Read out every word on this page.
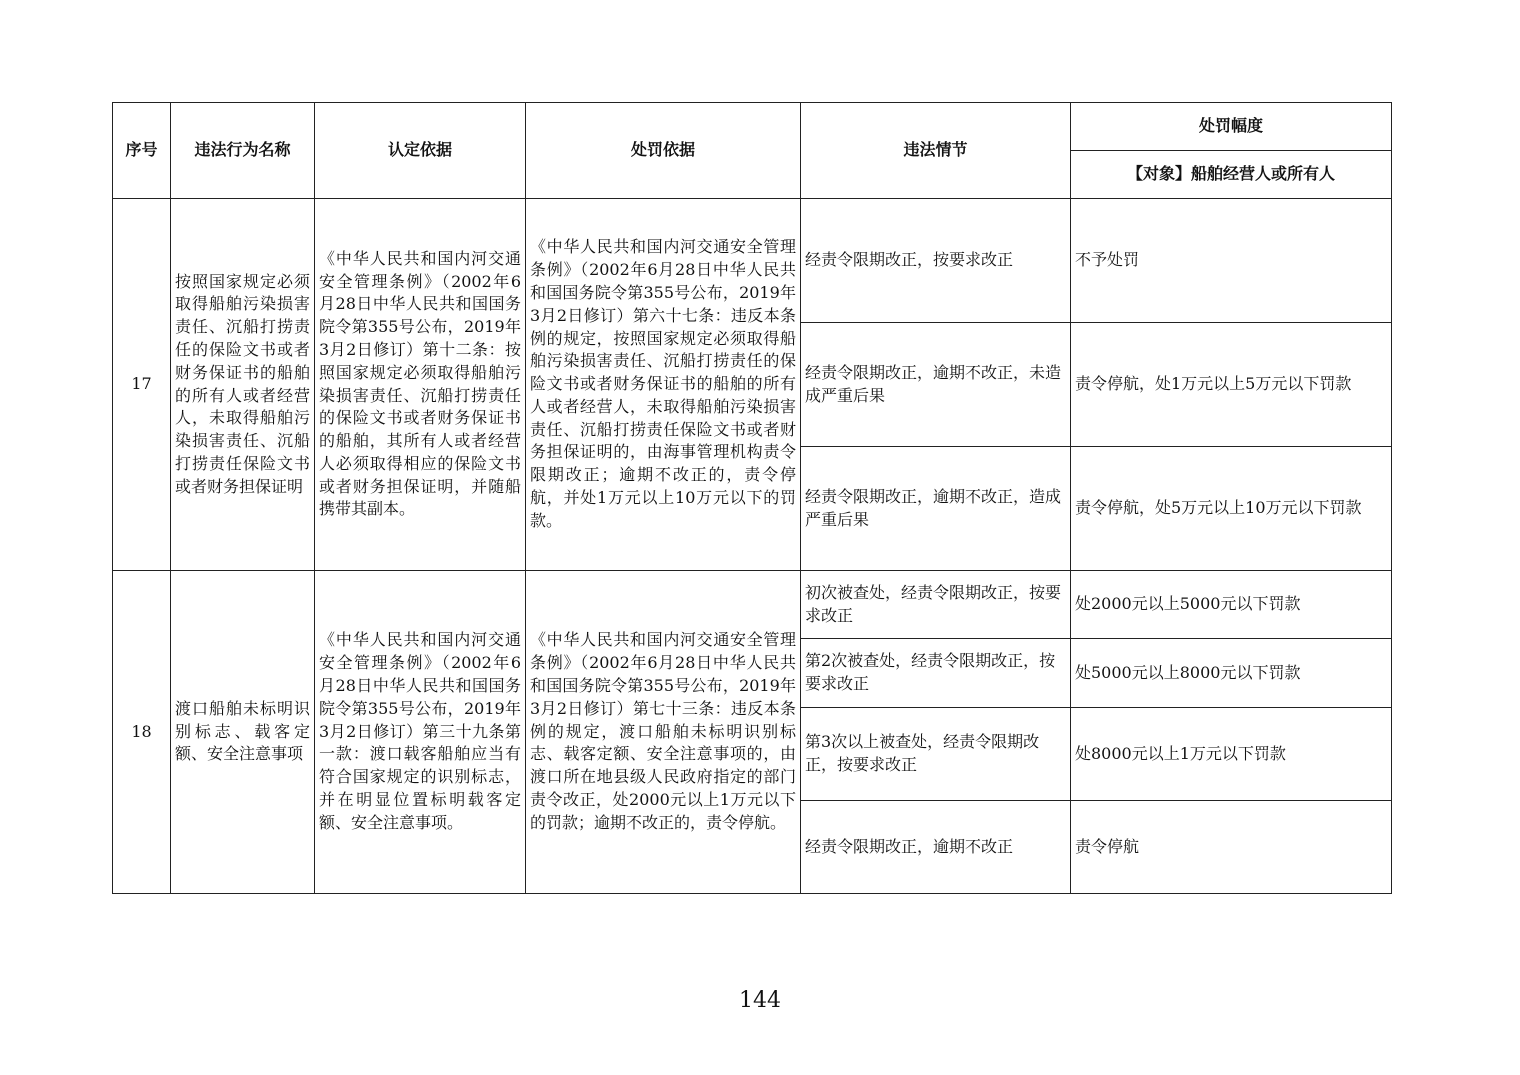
序号	违法行为名称	认定依据	处罚依据	违法情节	处罚幅度
					【对象】船舶经营人或所有人
17	按照国家规定必须取得船舶污染损害责任、沉船打捞责任的保险文书或者财务保证书的船舶的所有人或者经营人，未取得船舶污染损害责任、沉船打捞责任保险文书或者财务担保证明	《中华人民共和国内河交通安全管理条例》（2002年6月28日中华人民共和国国务院令第355号公布，2019年3月2日修订）第十二条：按照国家规定必须取得船舶污染损害责任、沉船打捞责任的保险文书或者财务保证书的船舶，其所有人或者经营人必须取得相应的保险文书或者财务担保证明，并随船携带其副本。	《中华人民共和国内河交通安全管理条例》（2002年6月28日中华人民共和国国务院令第355号公布，2019年3月2日修订）第六十七条：违反本条例的规定，按照国家规定必须取得船舶污染损害责任、沉船打捞责任的保险文书或者财务保证书的船舶的所有人或者经营人，未取得船舶污染损害责任、沉船打捞责任保险文书或者财务担保证明的，由海事管理机构责令限期改正；逾期不改正的，责令停航，并处1万元以上10万元以下的罚款。	经责令限期改正，按要求改正	不予处罚
				经责令限期改正，逾期不改正，未造成严重后果	责令停航，处1万元以上5万元以下罚款
				经责令限期改正，逾期不改正，造成严重后果	责令停航，处5万元以上10万元以下罚款
18	渡口船舶未标明识别标志、载客定额、安全注意事项	《中华人民共和国内河交通安全管理条例》（2002年6月28日中华人民共和国国务院令第355号公布，2019年3月2日修订）第三十九条第一款：渡口载客船舶应当有符合国家规定的识别标志，并在明显位置标明载客定额、安全注意事项。	《中华人民共和国内河交通安全管理条例》（2002年6月28日中华人民共和国国务院令第355号公布，2019年3月2日修订）第七十三条：违反本条例的规定，渡口船舶未标明识别标志、载客定额、安全注意事项的，由渡口所在地县级人民政府指定的部门责令改正，处2000元以上1万元以下的罚款；逾期不改正的，责令停航。	初次被查处，经责令限期改正，按要求改正	处2000元以上5000元以下罚款
				第2次被查处，经责令限期改正，按要求改正	处5000元以上8000元以下罚款
				第3次以上被查处，经责令限期改正，按要求改正	处8000元以上1万元以下罚款
				经责令限期改正，逾期不改正	责令停航
144
